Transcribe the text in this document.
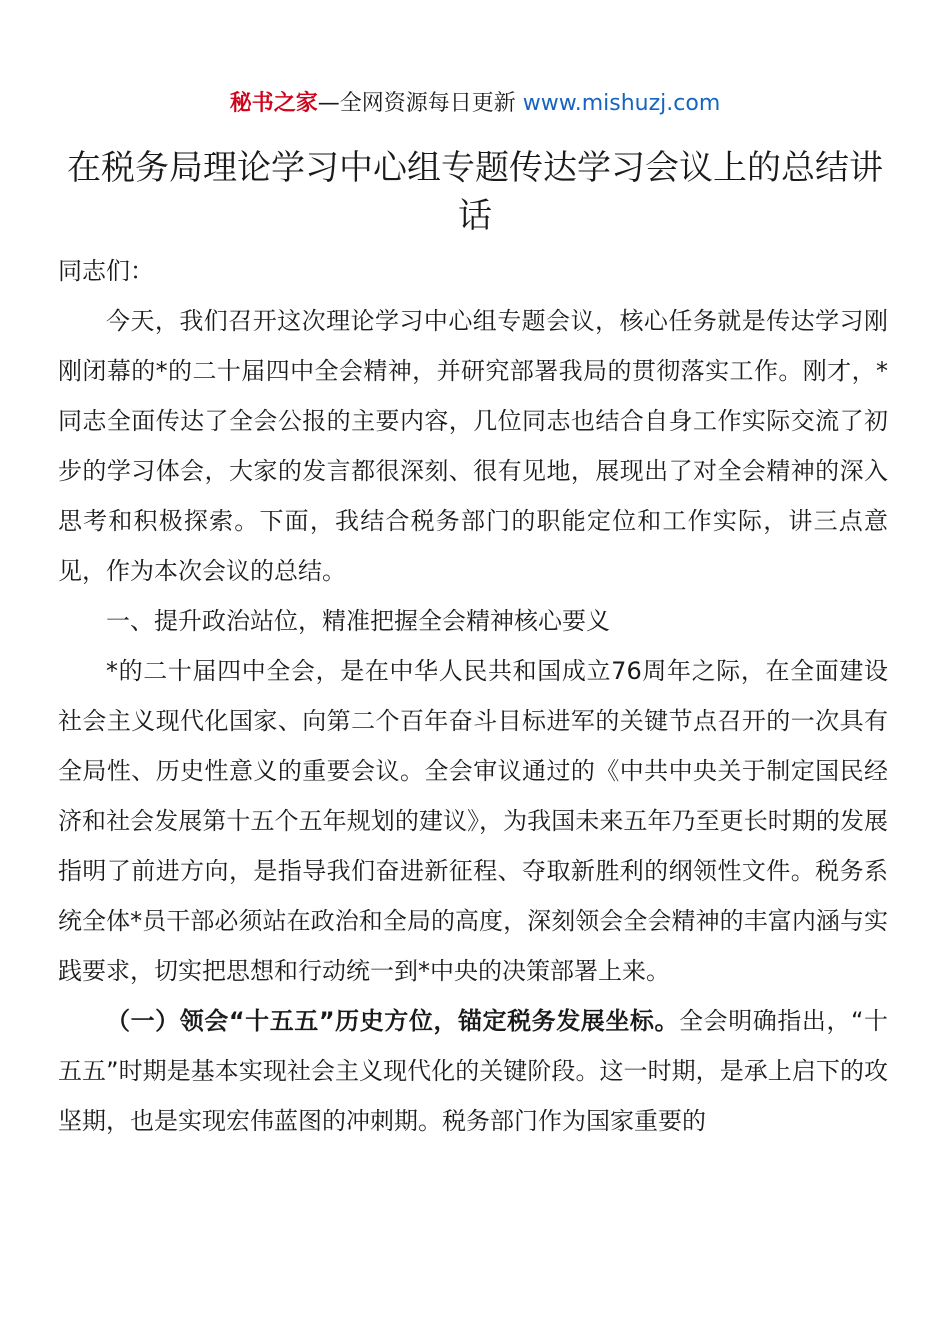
秘书之家—全网资源每日更新 www.mishuzj.com
在税务局理论学习中心组专题传达学习会议上的总结讲话
同志们：

今天，我们召开这次理论学习中心组专题会议，核心任务就是传达学习刚刚闭幕的*的二十届四中全会精神，并研究部署我局的贯彻落实工作。刚才，*同志全面传达了全会公报的主要内容，几位同志也结合自身工作实际交流了初步的学习体会，大家的发言都很深刻、很有见地，展现出了对全会精神的深入思考和积极探索。下面，我结合税务部门的职能定位和工作实际，讲三点意见，作为本次会议的总结。

一、提升政治站位，精准把握全会精神核心要义

*的二十届四中全会，是在中华人民共和国成立76周年之际，在全面建设社会主义现代化国家、向第二个百年奋斗目标进军的关键节点召开的一次具有全局性、历史性意义的重要会议。全会审议通过的《中共中央关于制定国民经济和社会发展第十五个五年规划的建议》，为我国未来五年乃至更长时期的发展指明了前进方向，是指导我们奋进新征程、夺取新胜利的纲领性文件。税务系统全体*员干部必须站在政治和全局的高度，深刻领会全会精神的丰富内涵与实践要求，切实把思想和行动统一到*中央的决策部署上来。

（一）领会“十五五”历史方位，锚定税务发展坐标。全会明确指出，“十五五”时期是基本实现社会主义现代化的关键阶段。这一时期，是承上启下的攻坚期，也是实现宏伟蓝图的冲刺期。税务部门作为国家重要的
